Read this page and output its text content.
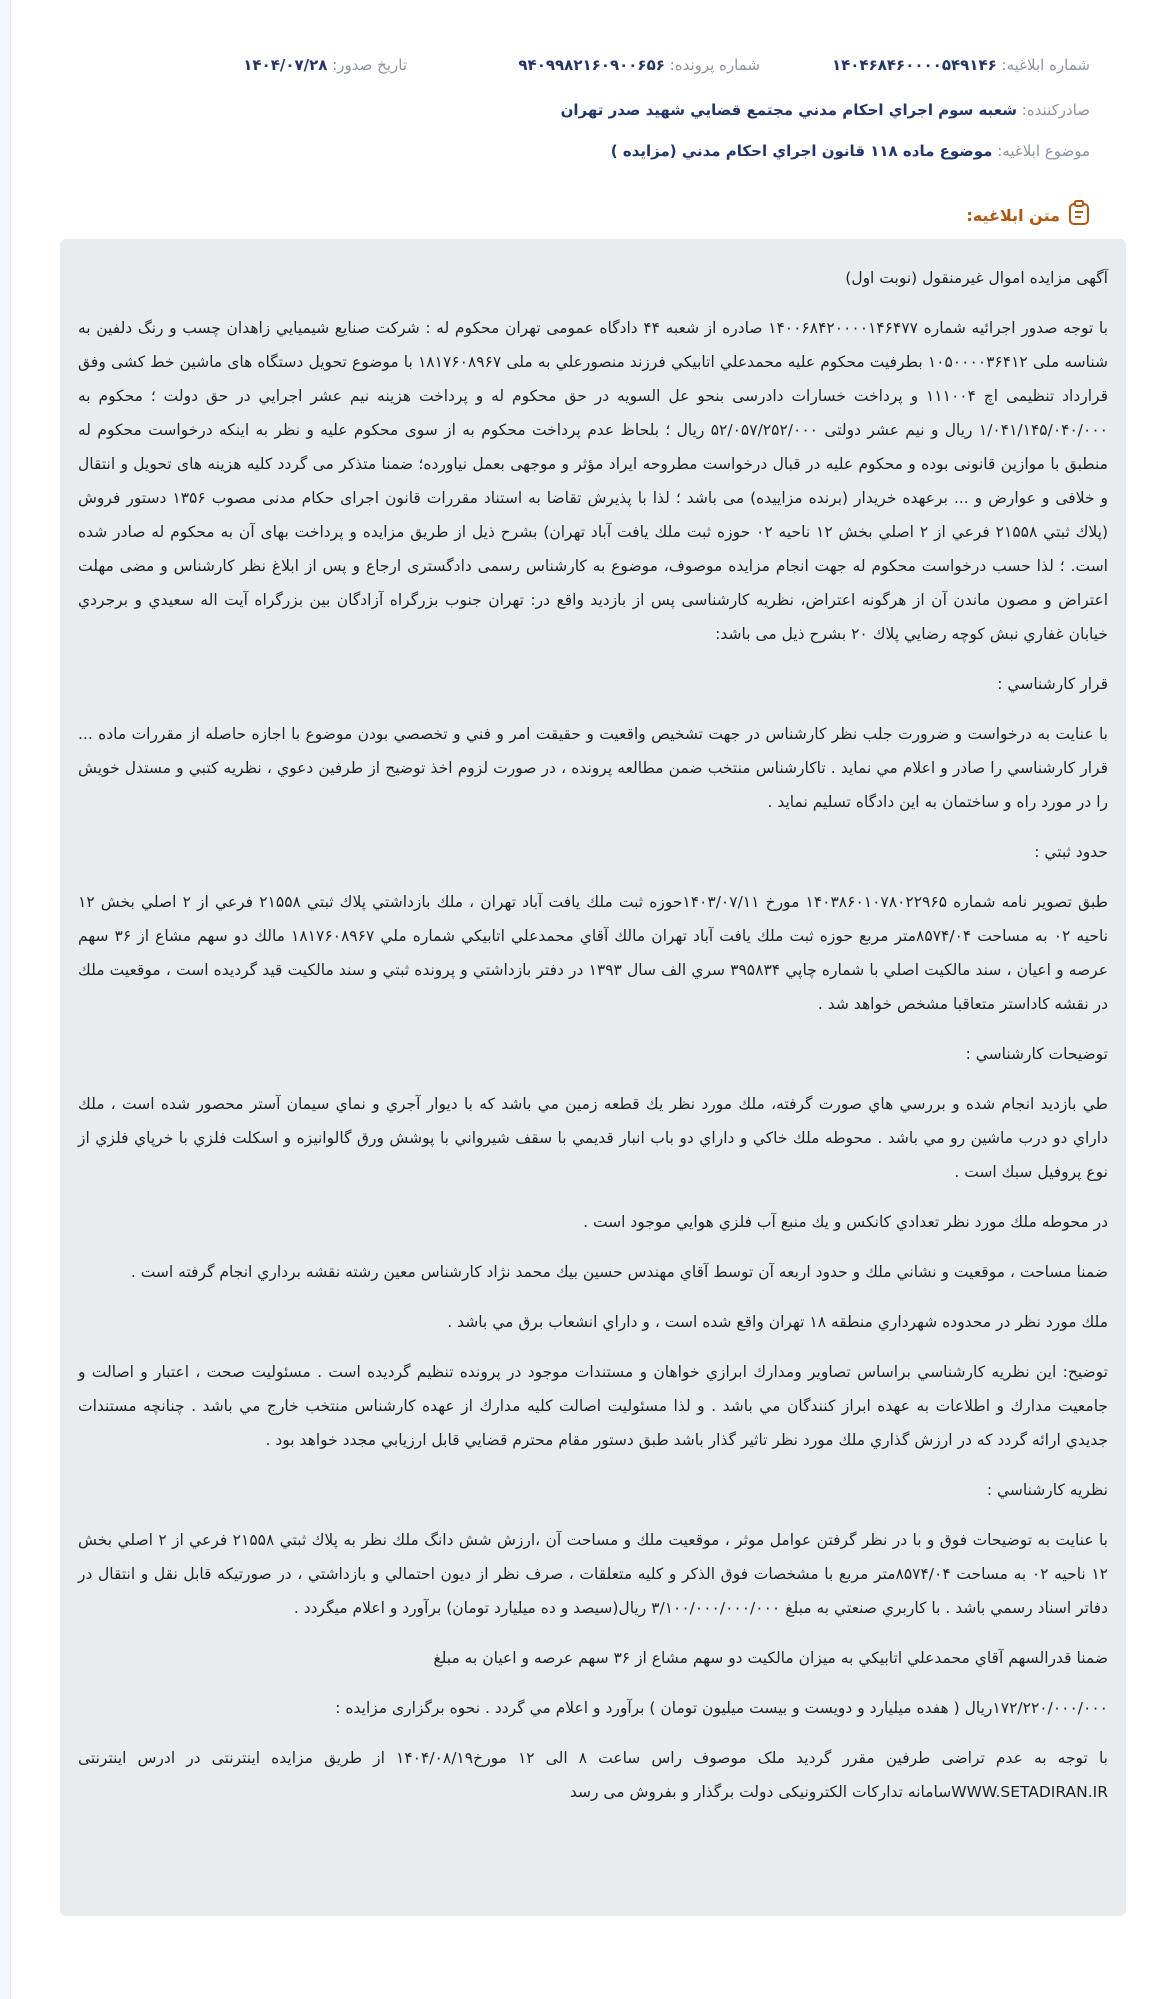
شماره ابلاغیه: ۱۴۰۴۶۸۴۶۰۰۰۰۵۴۹۱۴۶
شماره پرونده: ۹۴۰۹۹۸۲۱۶۰۹۰۰۶۵۶
تاریخ صدور: ۱۴۰۴/۰۷/۲۸
صادرکننده: شعبه سوم اجراي احكام مدني مجتمع قضايي شهيد صدر تهران
موضوع ابلاغیه: موضوع ماده ۱۱۸ قانون اجراي احكام مدني (مزايده )
متن ابلاغیه:

آگهی مزایده اموال غیرمنقول (نوبت اول)

با توجه صدور اجرائيه شماره ۱۴۰۰۶۸۴۲۰۰۰۰۱۴۶۴۷۷ صادره از شعبه ۴۴ دادگاه عمومی تهران محکوم له : شرکت صنایع شیمیایي زاهدان چسب و رنگ دلفین به شناسه ملی ۱۰۵۰۰۰۰۳۶۴۱۲ بطرفیت محکوم علیه محمدعلي اتابيكي فرزند منصورعلي به ملی ۱۸۱۷۶۰۸۹۶۷ با موضوع تحویل دستگاه های ماشین خط کشی وفق قرارداد تنظیمی اچ ۱۱۱۰۰۴ و پرداخت خسارات دادرسی بنحو عل السویه در حق محکوم له و پرداخت هزینه نیم عشر اجرایي در حق دولت ؛ محکوم به ۱/۰۴۱/۱۴۵/۰۴۰/۰۰۰ ريال و نیم عشر دولتی ۵۲/۰۵۷/۲۵۲/۰۰۰ ريال ؛ بلحاظ عدم پرداخت محکوم به از سوی محکوم علیه و نظر به اینکه درخواست محکوم له منطبق با موازین قانونی بوده و محکوم علیه در قبال درخواست مطروحه ایراد مؤثر و موجهی بعمل نیاورده؛ ضمنا متذکر می گردد کلیه هزینه های تحویل و انتقال و خلافی و عوارض و ... برعهده خریدار (برنده مزاییده) می باشد ؛ لذا با پذیرش تقاضا به استناد مقررات قانون اجرای حکام مدنی مصوب ۱۳۵۶ دستور فروش (پلاك ثبتي ۲۱۵۵۸ فرعي از ۲ اصلي بخش ۱۲ ناحيه ۰۲ حوزه ثبت ملك يافت آباد تهران) بشرح ذیل از طریق مزایده و پرداخت بهای آن به محکوم له صادر شده است. ؛ لذا حسب درخواست محکوم له جهت انجام مزایده موصوف، موضوع به کارشناس رسمی دادگستری ارجاع و پس از ابلاغ نظر کارشناس و مضی مهلت اعتراض و مصون ماندن آن از هرگونه اعتراض، نظریه کارشناسی پس از بازدید واقع در: تهران جنوب بزرگراه آزادگان بين بزرگراه آيت اله سعيدي و برجردي خيابان غفاري نبش كوچه رضايي پلاك ۲۰ بشرح ذیل می باشد:

قرار كارشناسي :

با عنايت به درخواست و ضرورت جلب نظر كارشناس در جهت تشخيص واقعيت و حقيقت امر و فني و تخصصي بودن موضوع با اجازه حاصله از مقررات ماده ... قرار كارشناسي را صادر و اعلام مي نمايد . تاكارشناس منتخب ضمن مطالعه پرونده ، در صورت لزوم اخذ توضيح از طرفين دعوي ، نظريه كتبي و مستدل خويش را در مورد راه و ساختمان به اين دادگاه تسليم نمايد .

حدود ثبتي :

طبق تصوير نامه شماره ۱۴۰۳۸۶۰۱۰۷۸۰۲۲۹۶۵ مورخ ۱۴۰۳/۰۷/۱۱حوزه ثبت ملك يافت آباد تهران ، ملك بازداشتي پلاك ثبتي ۲۱۵۵۸ فرعي از ۲ اصلي بخش ۱۲ ناحيه ۰۲ به مساحت ۸۵۷۴/۰۴متر مربع حوزه ثبت ملك يافت آباد تهران مالك آقاي محمدعلي اتابيكي شماره ملي ۱۸۱۷۶۰۸۹۶۷ مالك دو سهم مشاع از ۳۶ سهم عرصه و اعيان ، سند مالكيت اصلي با شماره چاپي ۳۹۵۸۳۴ سري الف سال ۱۳۹۳ در دفتر بازداشتي و پرونده ثبتي و سند مالكيت قيد گرديده است ، موقعيت ملك در نقشه كاداستر متعاقبا مشخص خواهد شد .

توضيحات كارشناسي :

طي بازديد انجام شده و بررسي هاي صورت گرفته، ملك مورد نظر يك قطعه زمين مي باشد كه با ديوار آجري و نماي سيمان آستر محصور شده است ، ملك داراي دو درب ماشين رو مي باشد . محوطه ملك خاكي و داراي دو باب انبار قديمي با سقف شيرواني با پوشش ورق گالوانيزه و اسكلت فلزي با خرپاي فلزي از نوع پروفيل سبك است .

در محوطه ملك مورد نظر تعدادي كانكس و يك منبع آب فلزي هوايي موجود است .

ضمنا مساحت ، موقعيت و نشاني ملك و حدود اربعه آن توسط آقاي مهندس حسين بيك محمد نژاد كارشناس معين رشته نقشه برداري انجام گرفته است .

ملك مورد نظر در محدوده شهرداري منطقه ۱۸ تهران واقع شده است ، و داراي انشعاب برق مي باشد .

توضيح: اين نظريه كارشناسي براساس تصاوير ومدارك ابرازي خواهان و مستندات موجود در پرونده تنظيم گرديده است . مسئوليت صحت ، اعتبار و اصالت و جامعيت مدارك و اطلاعات به عهده ابراز كنندگان مي باشد . و لذا مسئوليت اصالت كليه مدارك از عهده كارشناس منتخب خارج مي باشد . چنانچه مستندات جديدي ارائه گردد كه در ارزش گذاري ملك مورد نظر تاثير گذار باشد طبق دستور مقام محترم قضايي قابل ارزيابي مجدد خواهد بود .

نظريه كارشناسي :

با عنايت به توضيحات فوق و با در نظر گرفتن عوامل موثر ، موقعيت ملك و مساحت آن ،ارزش شش دانگ ملك نظر به پلاك ثبتي ۲۱۵۵۸ فرعي از ۲ اصلي بخش ۱۲ ناحيه ۰۲ به مساحت ۸۵۷۴/۰۴متر مربع با مشخصات فوق الذكر و كليه متعلقات ، صرف نظر از ديون احتمالي و بازداشتي ، در صورتيكه قابل نقل و انتقال در دفاتر اسناد رسمي باشد . با كاربري صنعتي به مبلغ ۳/۱۰۰/۰۰۰/۰۰۰/۰۰۰ ريال(سيصد و ده ميليارد تومان) برآورد و اعلام ميگردد .

ضمنا قدرالسهم آقاي محمدعلي اتابيكي به ميزان مالكيت دو سهم مشاع از ۳۶ سهم عرصه و اعيان به مبلغ

۱۷۲/۲۲۰/۰۰۰/۰۰۰ريال ( هفده ميليارد و دويست و بيست ميليون تومان ) برآورد و اعلام مي گردد . نحوه برگزاری مزایده :

با توجه به عدم تراضی طرفین مقرر گردید ملک موصوف راس ساعت ۸ الی ۱۲ مورخ۱۴۰۴/۰۸/۱۹ از طریق مزایده اینترنتی در ادرس اینترنتی WWW.SETADIRAN.IRسامانه تدارکات الکترونیکی دولت برگذار و بفروش می رسد
